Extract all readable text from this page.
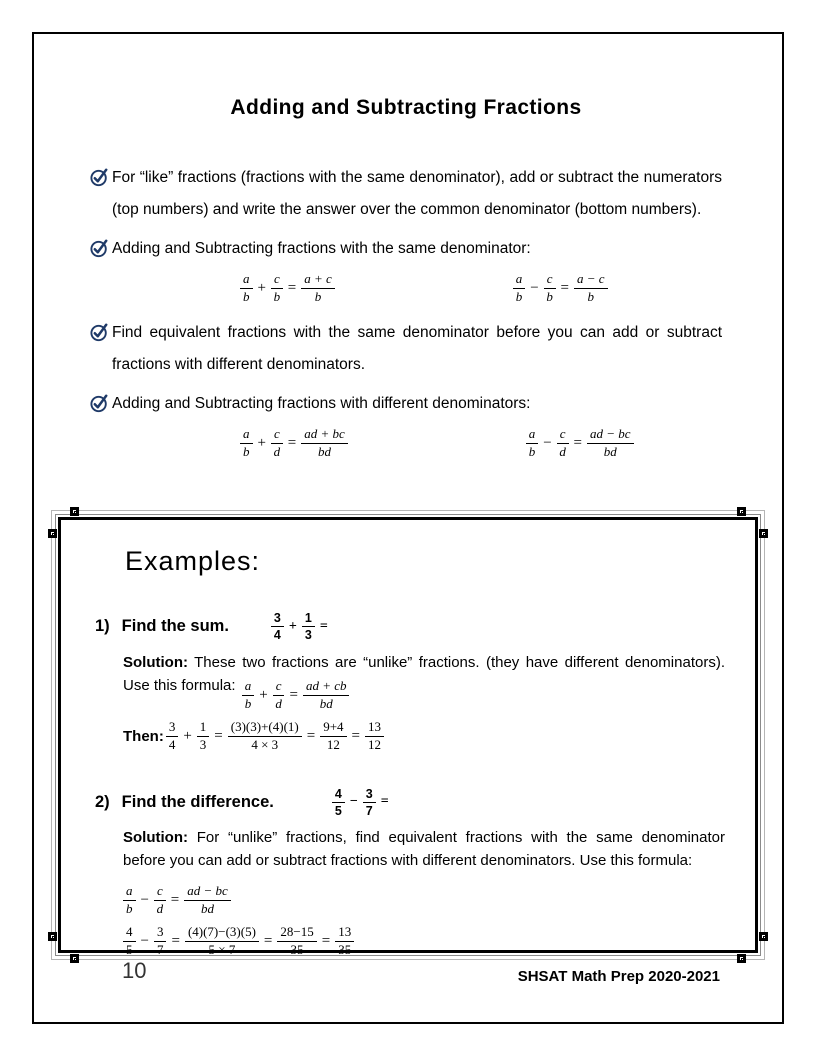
Adding and Subtracting Fractions
For “like” fractions (fractions with the same denominator), add or subtract the numerators (top numbers) and write the answer over the common denominator (bottom numbers).
Adding and Subtracting fractions with the same denominator:
$\frac{a}{b} + \frac{c}{b} = \frac{a + c}{b}$	$\frac{a}{b} - \frac{c}{b} = \frac{a - c}{b}$
Find equivalent fractions with the same denominator before you can add or subtract fractions with different denominators.
Adding and Subtracting fractions with different denominators:
$\frac{a}{b} + \frac{c}{d} = \frac{ad + bc}{bd}$	$\frac{a}{b} - \frac{c}{d} = \frac{ad - bc}{bd}$
Examples:
1) Find the sum.	$\frac{3}{4} + \frac{1}{3}$ =
Solution: These two fractions are “unlike” fractions. (they have different denominators). Use this formula: $\frac{a}{b} + \frac{c}{d} = \frac{ad + cb}{bd}$
Then: $\frac{3}{4} + \frac{1}{3} = \frac{(3)(3)+(4)(1)}{4 \times 3} = \frac{9+4}{12} = \frac{13}{12}$
2) Find the difference.	$\frac{4}{5} - \frac{3}{7}$ =
Solution: For “unlike” fractions, find equivalent fractions with the same denominator before you can add or subtract fractions with different denominators. Use this formula:
$\frac{a}{b} - \frac{c}{d} = \frac{ad - bc}{bd}$
$\frac{4}{5} - \frac{3}{7} = \frac{(4)(7)-(3)(5)}{5 \times 7} = \frac{28-15}{35} = \frac{13}{35}$
10	SHSAT Math Prep 2020-2021
